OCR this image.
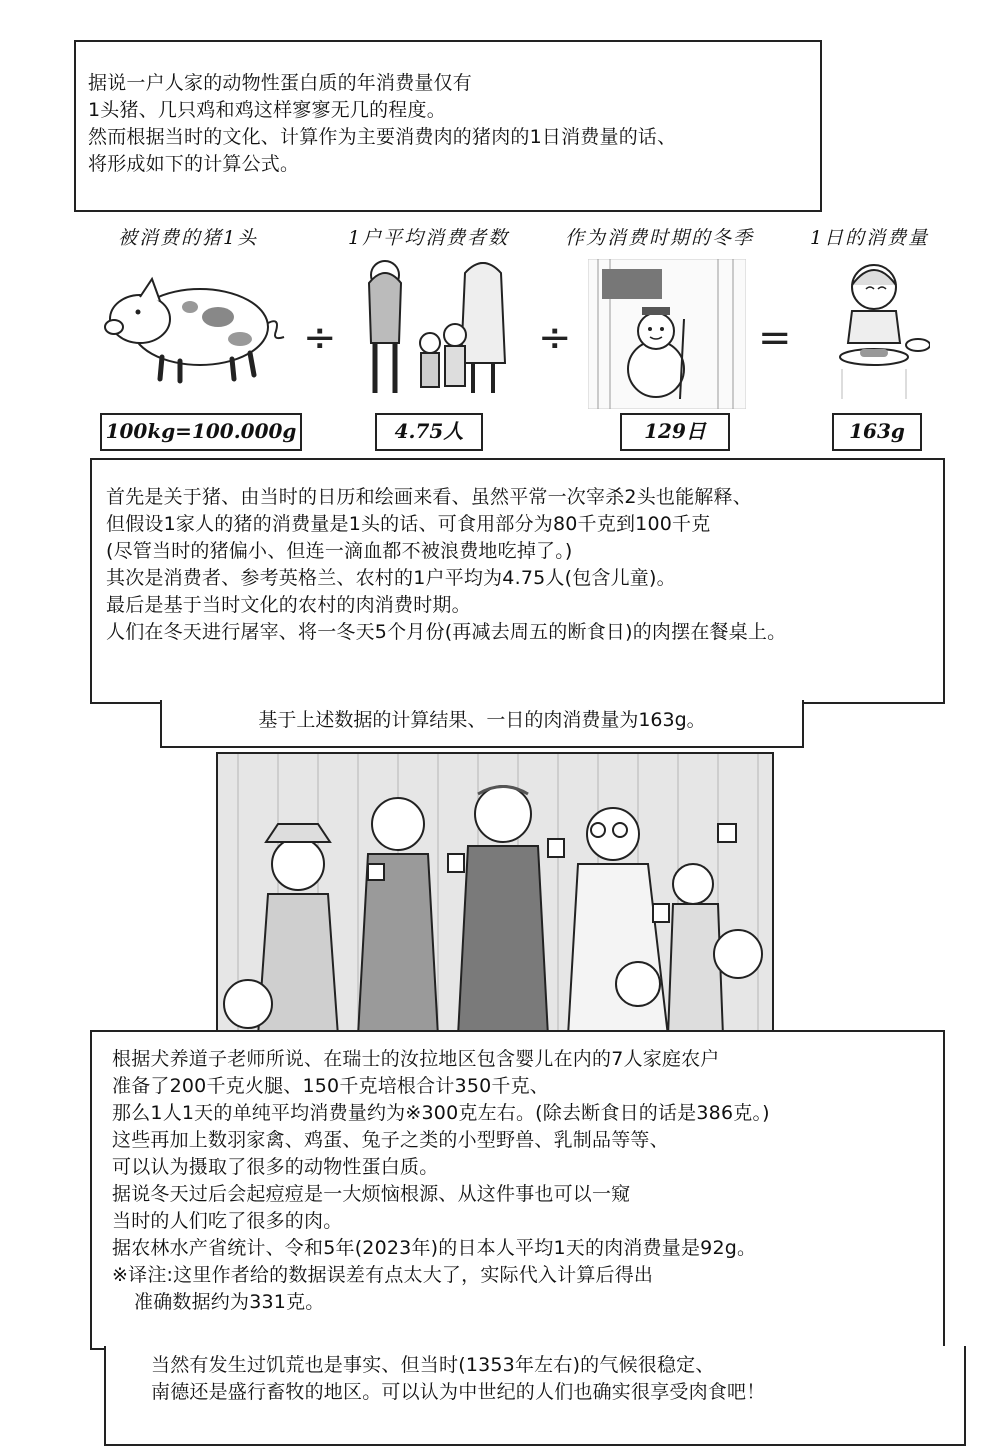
据说一户人家的动物性蛋白质的年消费量仅有
1头猪、几只鸡和鸡这样寥寥无几的程度。
然而根据当时的文化、计算作为主要消费肉的猪肉的1日消费量的话、
将形成如下的计算公式。
被消费的猪1头	1户平均消费者数	作为消费时期的冬季	1日的消费量
÷	÷	=
100kg=100.000g	4.75人	129日	163g
首先是关于猪、由当时的日历和绘画来看、虽然平常一次宰杀2头也能解释、
但假设1家人的猪的消费量是1头的话、可食用部分为80千克到100千克
(尽管当时的猪偏小、但连一滴血都不被浪费地吃掉了。)
其次是消费者、参考英格兰、农村的1户平均为4.75人(包含儿童)。
最后是基于当时文化的农村的肉消费时期。
人们在冬天进行屠宰、将一冬天5个月份(再减去周五的断食日)的肉摆在餐桌上。
基于上述数据的计算结果、一日的肉消费量为163g。
根据犬养道子老师所说、在瑞士的汝拉地区包含婴儿在内的7人家庭农户
准备了200千克火腿、150千克培根合计350千克、
那么1人1天的单纯平均消费量约为※300克左右。(除去断食日的话是386克。)
这些再加上数羽家禽、鸡蛋、兔子之类的小型野兽、乳制品等等、
可以认为摄取了很多的动物性蛋白质。
据说冬天过后会起痘痘是一大烦恼根源、从这件事也可以一窥
当时的人们吃了很多的肉。
据农林水产省统计、令和5年(2023年)的日本人平均1天的肉消费量是92g。
※译注:这里作者给的数据误差有点太大了，实际代入计算后得出
准确数据约为331克。
当然有发生过饥荒也是事实、但当时(1353年左右)的气候很稳定、
南德还是盛行畜牧的地区。可以认为中世纪的人们也确实很享受肉食吧！
